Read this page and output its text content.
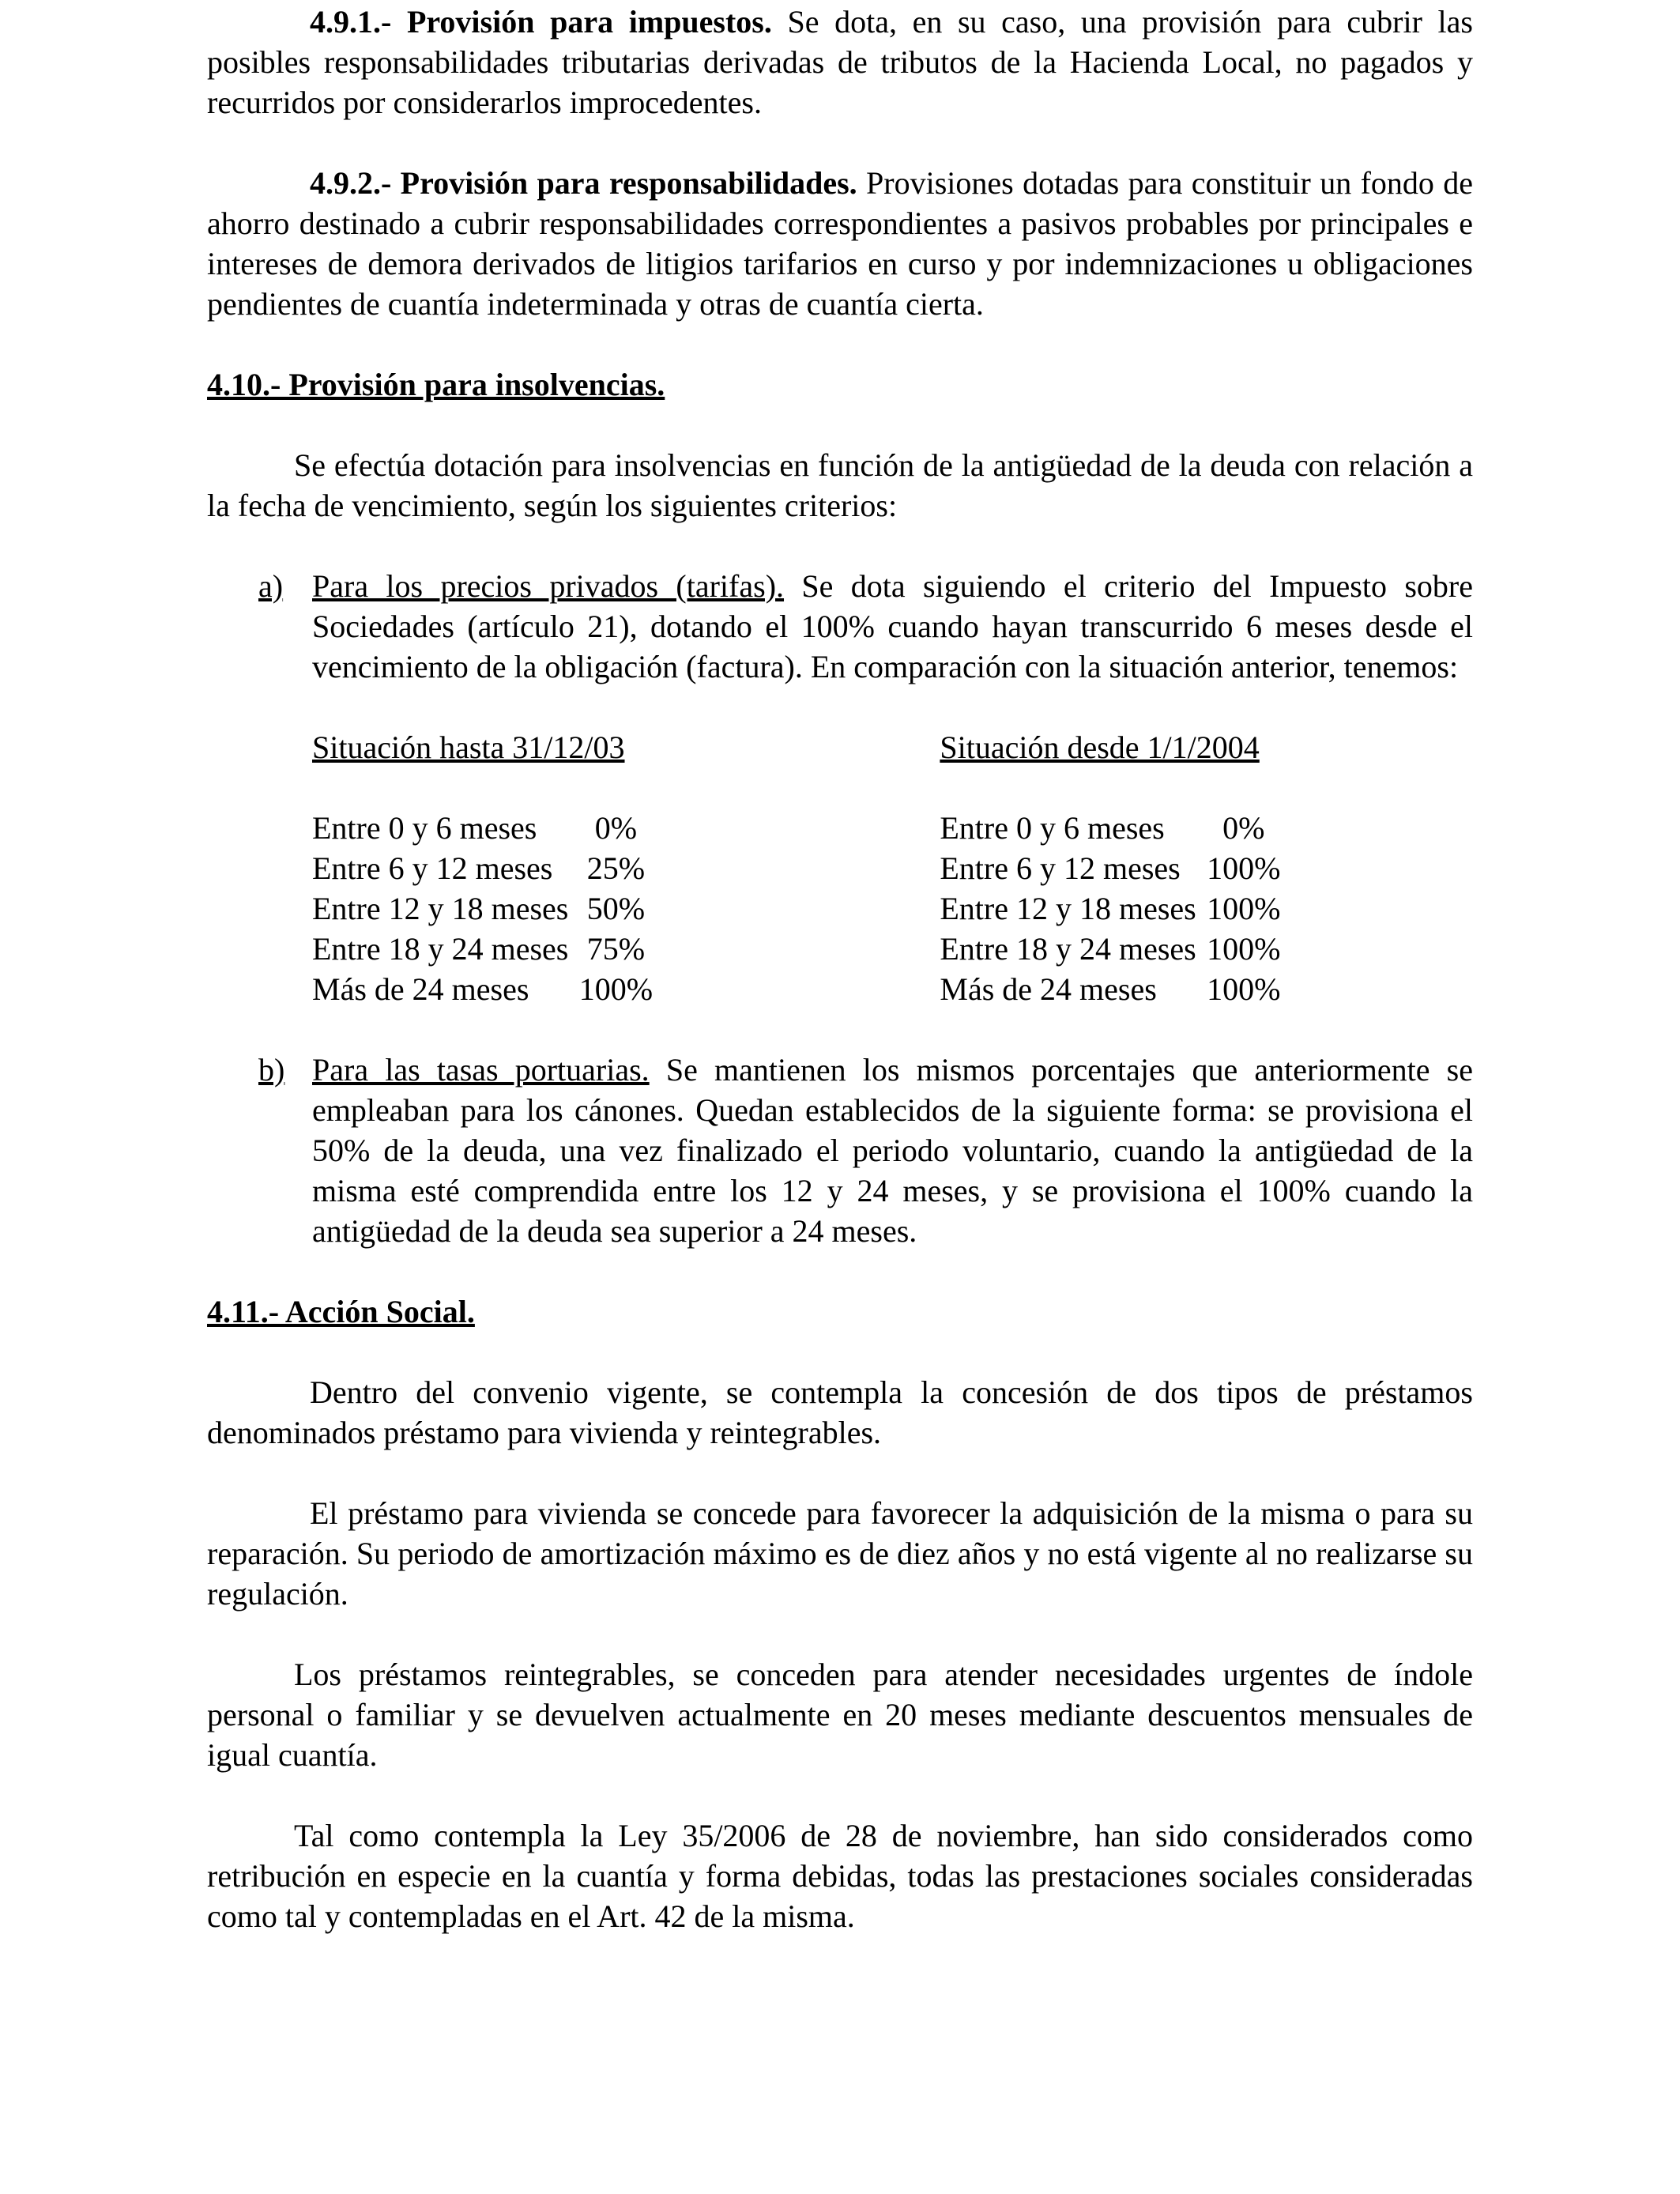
4.9.1.- Provisión para impuestos. Se dota, en su caso, una provisión para cubrir las posibles responsabilidades tributarias derivadas de tributos de la Hacienda Local, no pagados y recurridos por considerarlos improcedentes.

4.9.2.- Provisión para responsabilidades. Provisiones dotadas para constituir un fondo de ahorro destinado a cubrir responsabilidades correspondientes a pasivos probables por principales e intereses de demora derivados de litigios tarifarios en curso y por indemnizaciones u obligaciones pendientes de cuantía indeterminada y otras de cuantía cierta.

4.10.- Provisión para insolvencias.

Se efectúa dotación para insolvencias en función de la antigüedad de la deuda con relación a la fecha de vencimiento, según los siguientes criterios:

a) Para los precios privados (tarifas). Se dota siguiendo el criterio del Impuesto sobre Sociedades (artículo 21), dotando el 100% cuando hayan transcurrido 6 meses desde el vencimiento de la obligación (factura). En comparación con la situación anterior, tenemos:
Situación hasta 31/12/03			Situación desde 1/1/2004	

Entre 0 y 6 meses	0%		Entre 0 y 6 meses	0%
Entre 6 y 12 meses	25%		Entre 6 y 12 meses	100%
Entre 12 y 18 meses	50%		Entre 12 y 18 meses	100%
Entre 18 y 24 meses	75%		Entre 18 y 24 meses	100%
Más de 24 meses	100%		Más de 24 meses	100%
b) Para las tasas portuarias. Se mantienen los mismos porcentajes que anteriormente se empleaban para los cánones. Quedan establecidos de la siguiente forma: se provisiona el 50% de la deuda, una vez finalizado el periodo voluntario, cuando la antigüedad de la misma esté comprendida entre los 12 y 24 meses, y se provisiona el 100% cuando la antigüedad de la deuda sea superior a 24 meses.

4.11.- Acción Social.

Dentro del convenio vigente, se contempla la concesión de dos tipos de préstamos denominados préstamo para vivienda y reintegrables.

El préstamo para vivienda se concede para favorecer la adquisición de la misma o para su reparación. Su periodo de amortización máximo es de diez años y no está vigente al no realizarse su regulación.

Los préstamos reintegrables, se conceden para atender necesidades urgentes de índole personal o familiar y se devuelven actualmente en 20 meses mediante descuentos mensuales de igual cuantía.

Tal como contempla la Ley 35/2006 de 28 de noviembre, han sido considerados como retribución en especie en la cuantía y forma debidas, todas las prestaciones sociales consideradas como tal y contempladas en el Art. 42 de la misma.
